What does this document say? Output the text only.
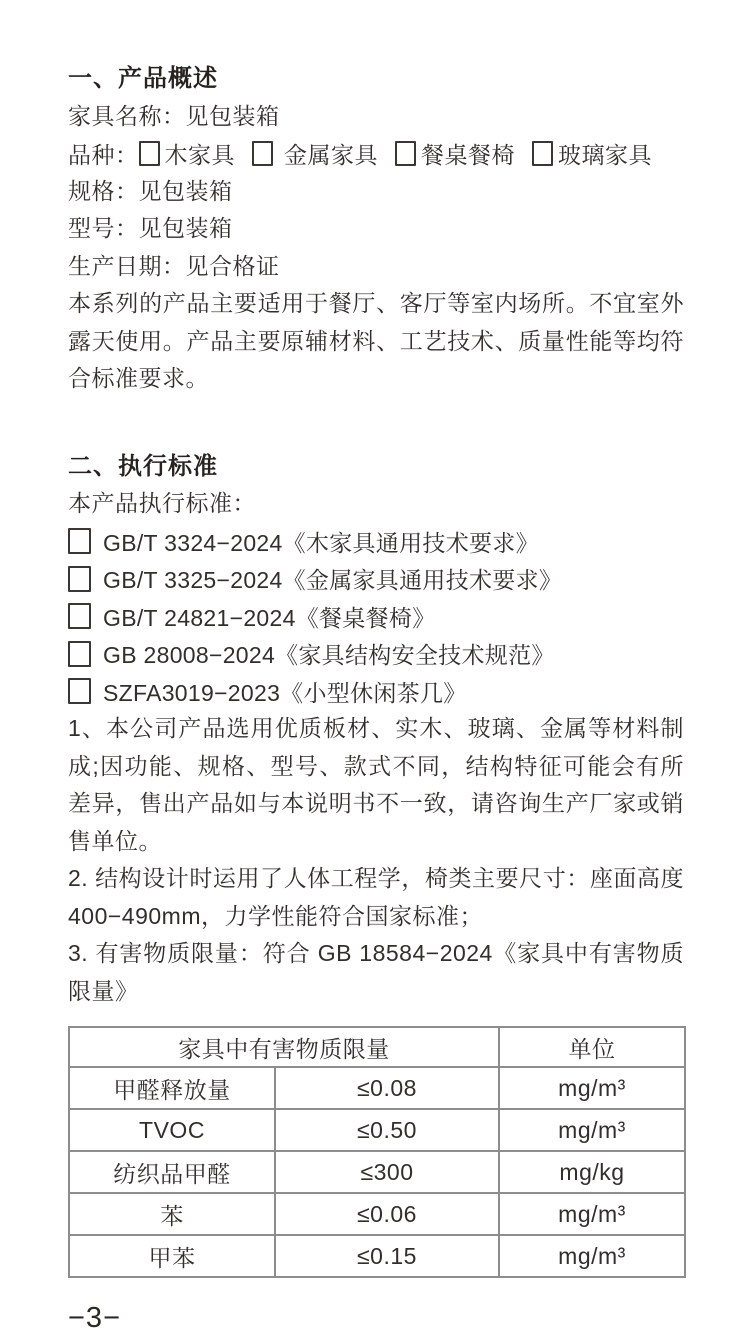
一、产品概述
家具名称：见包装箱
品种： 木家具 金属家具 餐桌餐椅 玻璃家具
规格：见包装箱
型号：见包装箱
生产日期：见合格证

本系列的产品主要适用于餐厅、客厅等室内场所。不宜室外露天使用。产品主要原辅材料、工艺技术、质量性能等均符合标准要求。

二、执行标准
本产品执行标准：
GB/T 3324−2024《木家具通用技术要求》
GB/T 3325−2024《金属家具通用技术要求》
GB/T 24821−2024《餐桌餐椅》
GB 28008−2024《家具结构安全技术规范》
SZFA3019−2023《小型休闲茶几》

1、本公司产品选用优质板材、实木、玻璃、金属等材料制成;因功能、规格、型号、款式不同，结构特征可能会有所差异，售出产品如与本说明书不一致，请咨询生产厂家或销售单位。

2. 结构设计时运用了人体工程学，椅类主要尺寸：座面高度400−490mm，力学性能符合国家标准；

3. 有害物质限量：符合 GB 18584−2024《家具中有害物质限量》

家具中有害物质限量		单位
甲醛释放量	≤0.08	mg/m³
TVOC	≤0.50	mg/m³
纺织品甲醛	≤300	mg/kg
苯	≤0.06	mg/m³
甲苯	≤0.15	mg/m³
−3−
